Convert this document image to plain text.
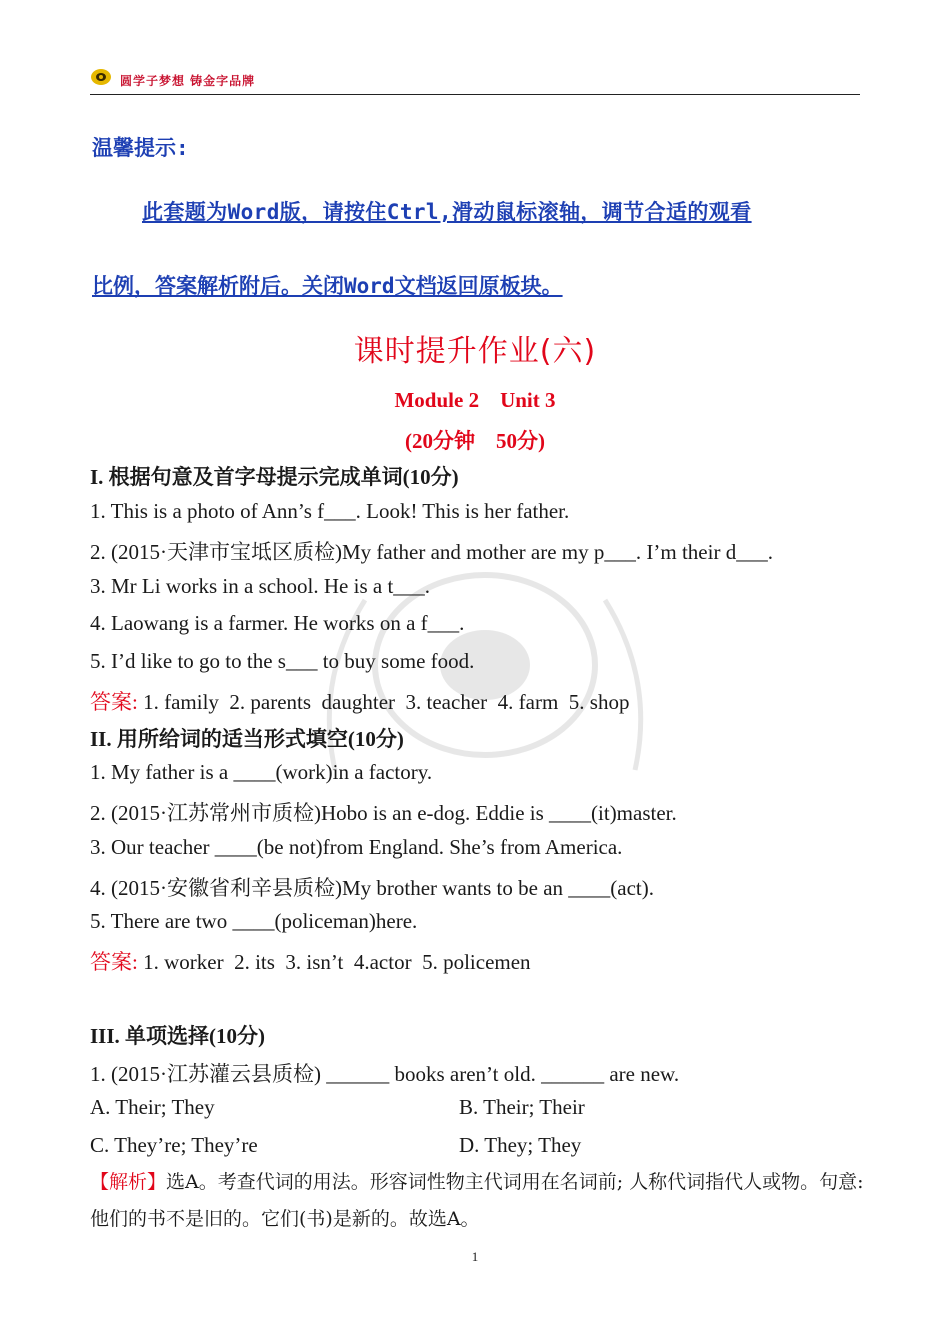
圆学子梦想 铸金字品牌
温馨提示:
此套题为Word版，请按住Ctrl,滑动鼠标滚轴，调节合适的观看
比例，答案解析附后。关闭Word文档返回原板块。
课时提升作业(六)
Module 2    Unit 3
(20分钟    50分)
I. 根据句意及首字母提示完成单词(10分)
1. This is a photo of Ann’s f___. Look! This is her father.
2. (2015·天津市宝坻区质检)My father and mother are my p___. I’m their d___.
3. Mr Li works in a school. He is a t___.
4. Laowang is a farmer. He works on a f___.
5. I’d like to go to the s___ to buy some food.
答案: 1. family  2. parents  daughter  3. teacher  4. farm  5. shop
II. 用所给词的适当形式填空(10分)
1. My father is a ____(work)in a factory.
2. (2015·江苏常州市质检)Hobo is an e-dog. Eddie is ____(it)master.
3. Our teacher ____(be not)from England. She’s from America.
4. (2015·安徽省利辛县质检)My brother wants to be an ____(act).
5. There are two ____(policeman)here.
答案: 1. worker  2. its  3. isn’t  4.actor  5. policemen
III. 单项选择(10分)
1. (2015·江苏灌云县质检) ______ books aren’t old. ______ are new.
A. Their; They	B. Their; Their
C. They’re; They’re	D. They; They
【解析】选A。考查代词的用法。形容词性物主代词用在名词前; 人称代词指代人或物。句意: 他们的书不是旧的。它们(书)是新的。故选A。
1
